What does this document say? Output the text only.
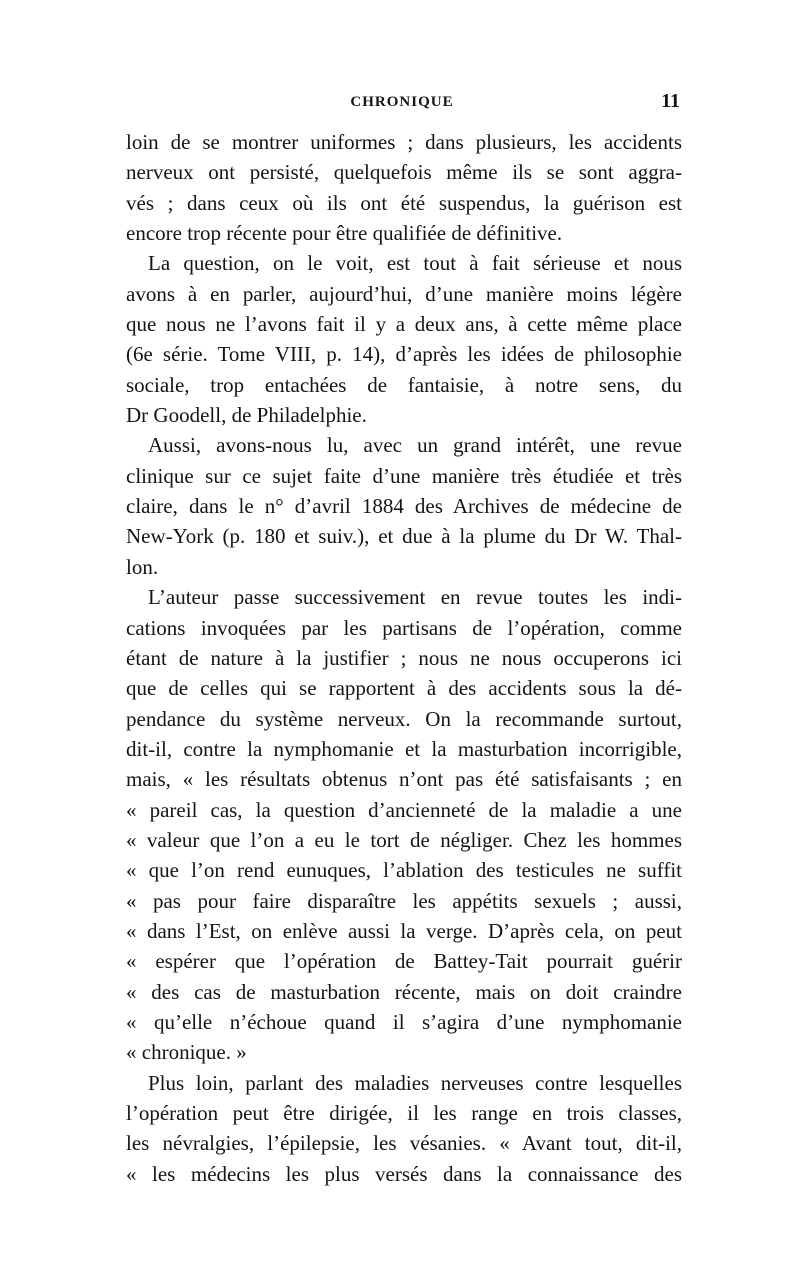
CHRONIQUE	11
loin de se montrer uniformes ; dans plusieurs, les accidents
nerveux ont persisté, quelquefois même ils se sont aggra-
vés ; dans ceux où ils ont été suspendus, la guérison est
encore trop récente pour être qualifiée de définitive.
La question, on le voit, est tout à fait sérieuse et nous
avons à en parler, aujourd’hui, d’une manière moins légère
que nous ne l’avons fait il y a deux ans, à cette même place
(6e série. Tome VIII, p. 14), d’après les idées de philosophie
sociale, trop entachées de fantaisie, à notre sens, du
Dr Goodell, de Philadelphie.
Aussi, avons-nous lu, avec un grand intérêt, une revue
clinique sur ce sujet faite d’une manière très étudiée et très
claire, dans le n° d’avril 1884 des Archives de médecine de
New-York (p. 180 et suiv.), et due à la plume du Dr W. Thal-
lon.
L’auteur passe successivement en revue toutes les indi-
cations invoquées par les partisans de l’opération, comme
étant de nature à la justifier ; nous ne nous occuperons ici
que de celles qui se rapportent à des accidents sous la dé-
pendance du système nerveux. On la recommande surtout,
dit-il, contre la nymphomanie et la masturbation incorrigible,
mais, « les résultats obtenus n’ont pas été satisfaisants ; en
« pareil cas, la question d’ancienneté de la maladie a une
« valeur que l’on a eu le tort de négliger. Chez les hommes
« que l’on rend eunuques, l’ablation des testicules ne suffit
« pas pour faire disparaître les appétits sexuels ; aussi,
« dans l’Est, on enlève aussi la verge. D’après cela, on peut
« espérer que l’opération de Battey-Tait pourrait guérir
« des cas de masturbation récente, mais on doit craindre
« qu’elle n’échoue quand il s’agira d’une nymphomanie
« chronique. »
Plus loin, parlant des maladies nerveuses contre lesquelles
l’opération peut être dirigée, il les range en trois classes,
les névralgies, l’épilepsie, les vésanies. « Avant tout, dit-il,
« les médecins les plus versés dans la connaissance des
